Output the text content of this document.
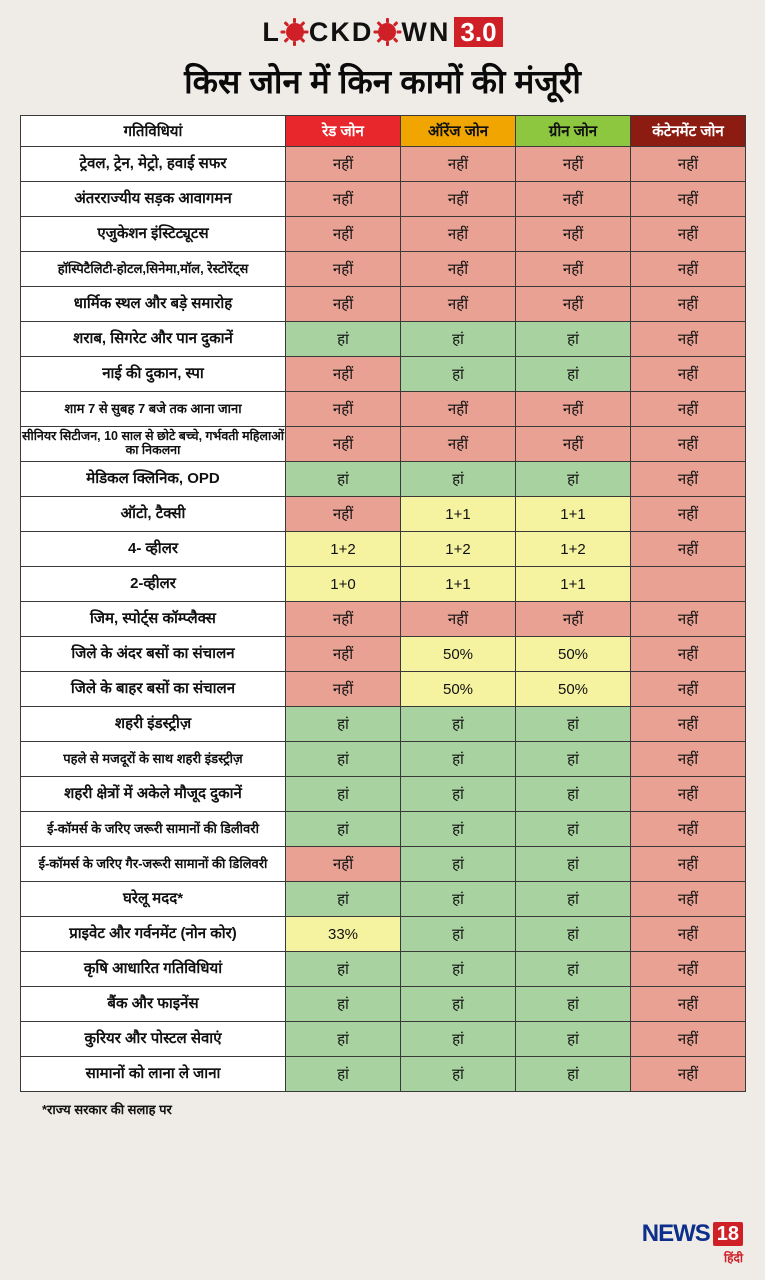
L CKD WN 3.0
किस जोन में किन कामों की मंजूरी
गतिविधियां	रेड जोन	ऑरेंज जोन	ग्रीन जोन	कंटेनमेंट जोन
ट्रेवल, ट्रेन, मेट्रो, हवाई सफर	नहीं	नहीं	नहीं	नहीं
अंतरराज्यीय सड़क आवागमन	नहीं	नहीं	नहीं	नहीं
एजुकेशन इंस्टिट्यूटस	नहीं	नहीं	नहीं	नहीं
हॉस्पिटैलिटी-होटल,सिनेमा,मॉल, रेस्टोरेंट्स	नहीं	नहीं	नहीं	नहीं
धार्मिक स्थल और बड़े समारोह	नहीं	नहीं	नहीं	नहीं
शराब, सिगरेट और पान दुकानें	हां	हां	हां	नहीं
नाई की दुकान, स्पा	नहीं	हां	हां	नहीं
शाम 7 से सुबह 7 बजे तक आना जाना	नहीं	नहीं	नहीं	नहीं
सीनियर सिटीजन, 10 साल से छोटे बच्चे, गर्भवती महिलाओं का निकलना	नहीं	नहीं	नहीं	नहीं
मेडिकल क्लिनिक, OPD	हां	हां	हां	नहीं
ऑटो, टैक्सी	नहीं	1+1	1+1	नहीं
4- व्हीलर	1+2	1+2	1+2	नहीं
2-व्हीलर	1+0	1+1	1+1	
जिम, स्पोर्ट्स कॉम्प्लैक्स	नहीं	नहीं	नहीं	नहीं
जिले के अंदर बसों का संचालन	नहीं	50%	50%	नहीं
जिले के बाहर बसों का संचालन	नहीं	50%	50%	नहीं
शहरी इंडस्ट्रीज़	हां	हां	हां	नहीं
पहले से मजदूरों के साथ शहरी इंडस्ट्रीज़	हां	हां	हां	नहीं
शहरी क्षेत्रों में अकेले मौजूद दुकानें	हां	हां	हां	नहीं
ई-कॉमर्स के जरिए जरूरी सामानों की डिलीवरी	हां	हां	हां	नहीं
ई-कॉमर्स के जरिए गैर-जरूरी सामानों की डिलिवरी	नहीं	हां	हां	नहीं
घरेलू मदद*	हां	हां	हां	नहीं
प्राइवेट और गर्वनमेंट (नोन कोर)	33%	हां	हां	नहीं
कृषि आधारित गतिविधियां	हां	हां	हां	नहीं
बैंक और फाइनेंस	हां	हां	हां	नहीं
कुरियर और पोस्टल सेवाएं	हां	हां	हां	नहीं
सामानों को लाना ले जाना	हां	हां	हां	नहीं
*राज्य सरकार की सलाह पर
NEWS 18
हिंदी
